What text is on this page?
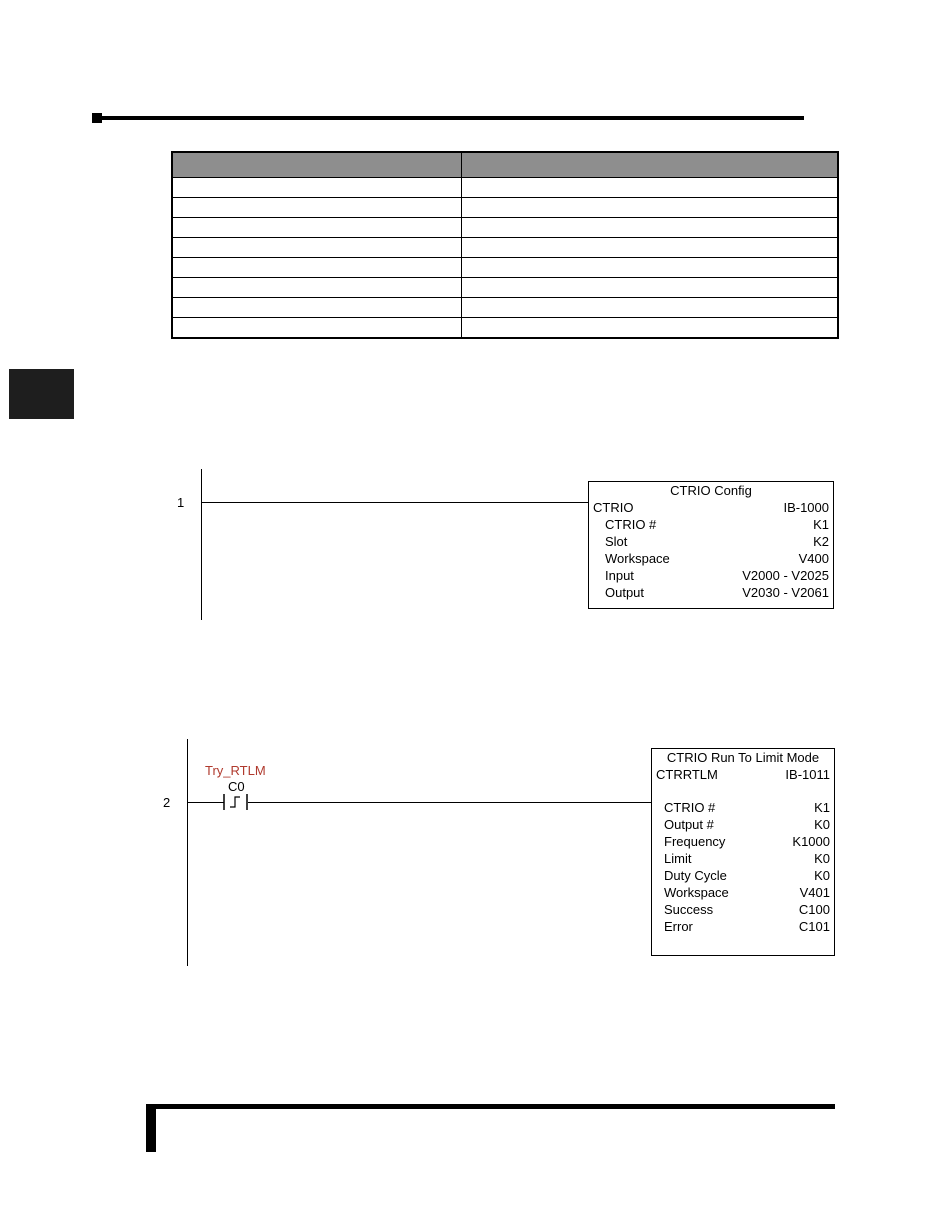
1
CTRIO Config
CTRIO	IB-1000
CTRIO #	K1
Slot	K2
Workspace	V400
Input	V2000 - V2025
Output	V2030 - V2061
2
Try_RTLM
C0
CTRIO Run To Limit Mode
CTRRTLM	IB-1011
CTRIO #	K1
Output #	K0
Frequency	K1000
Limit	K0
Duty Cycle	K0
Workspace	V401
Success	C100
Error	C101
